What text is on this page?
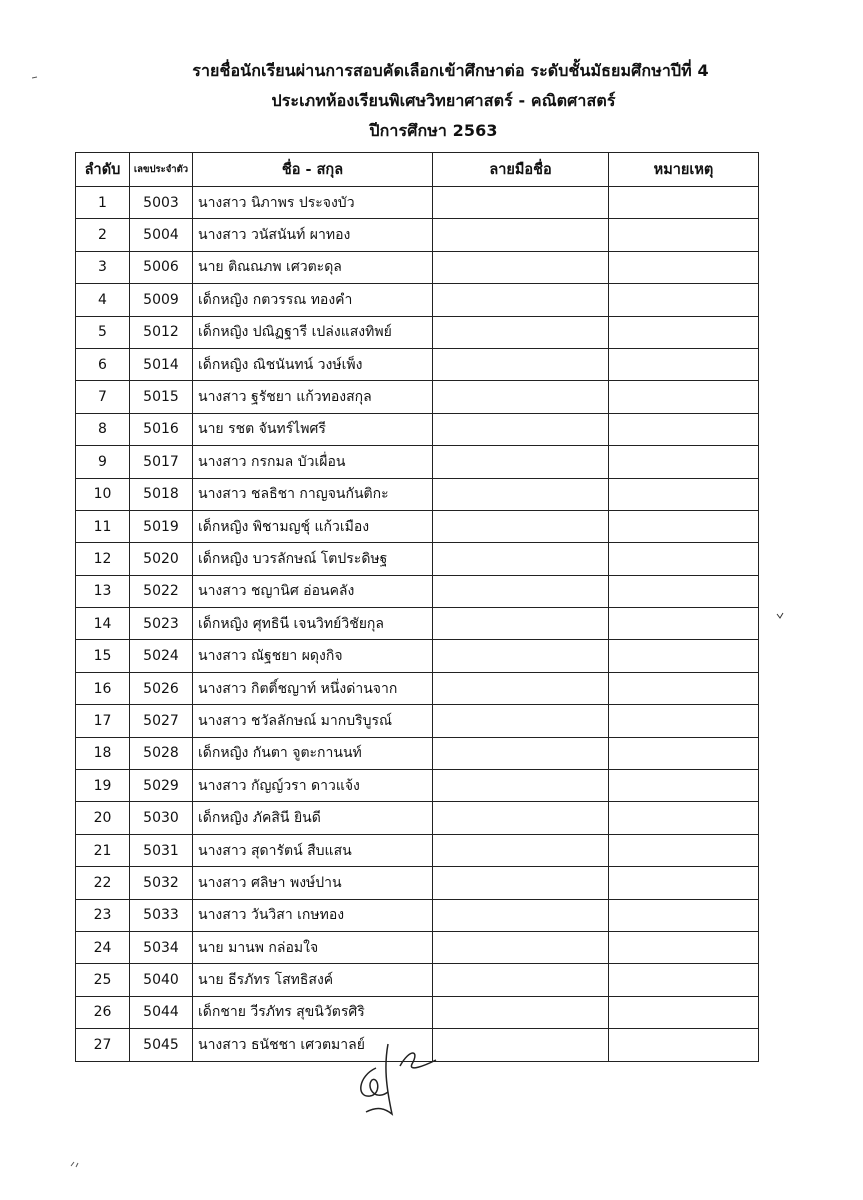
รายชื่อนักเรียนผ่านการสอบคัดเลือกเข้าศึกษาต่อ ระดับชั้นมัธยมศึกษาปีที่ 4
ประเภทห้องเรียนพิเศษวิทยาศาสตร์ - คณิตศาสตร์
ปีการศึกษา 2563
ลำดับ	เลขประจำตัว	ชื่อ - สกุล	ลายมือชื่อ	หมายเหตุ
1	5003	นางสาว นิภาพร ประจงบัว		
2	5004	นางสาว วนัสนันท์ ผาทอง		
3	5006	นาย ติณณภพ เศวตะดุล		
4	5009	เด็กหญิง กตวรรณ ทองคำ		
5	5012	เด็กหญิง ปณิฏฐารี เปล่งแสงทิพย์		
6	5014	เด็กหญิง ณิชนันทน์ วงษ์เพ็ง		
7	5015	นางสาว ฐรัชยา แก้วทองสกุล		
8	5016	นาย รชต จันทร์ไพศรี		
9	5017	นางสาว กรกมล บัวเผื่อน		
10	5018	นางสาว ชลธิชา กาญจนกันติกะ		
11	5019	เด็กหญิง พิชามญชุ์ แก้วเมือง		
12	5020	เด็กหญิง บวรลักษณ์ โตประดิษฐ		
13	5022	นางสาว ชญานิศ อ่อนคลัง		
14	5023	เด็กหญิง ศุทธินี เจนวิทย์วิชัยกุล		
15	5024	นางสาว ณัฐชยา ผดุงกิจ		
16	5026	นางสาว กิตติ์ชญาท์ หนึ่งด่านจาก		
17	5027	นางสาว ชวัลลักษณ์ มากบริบูรณ์		
18	5028	เด็กหญิง กันตา จูตะกานนท์		
19	5029	นางสาว กัญญ์วรา ดาวแจ้ง		
20	5030	เด็กหญิง ภัคสินี ยินดี		
21	5031	นางสาว สุดารัตน์ สืบแสน		
22	5032	นางสาว ศลิษา พงษ์ปาน		
23	5033	นางสาว วันวิสา เกษทอง		
24	5034	นาย มานพ กล่อมใจ		
25	5040	นาย ธีรภัทร โสทธิสงค์		
26	5044	เด็กชาย วีรภัทร สุขนิวัตรศิริ		
27	5045	นางสาว ธนัชชา เศวตมาลย์		
